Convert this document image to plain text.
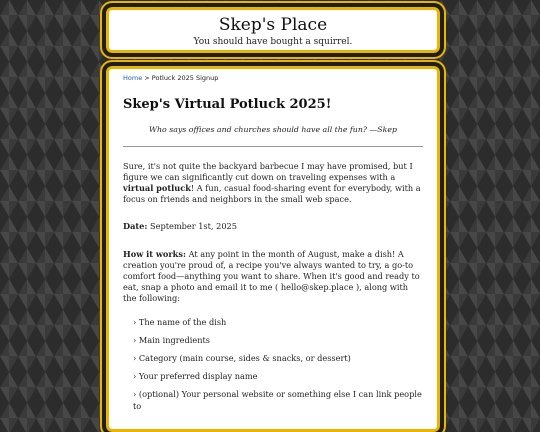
Skep's Place
You should have bought a squirrel.
Home > Potluck 2025 Signup
Skep's Virtual Potluck 2025!
Who says offices and churches should have all the fun? —Skep

Sure, it's not quite the backyard barbecue I may have promised, but I figure we can significantly cut down on traveling expenses with a virtual potluck! A fun, casual food-sharing event for everybody, with a focus on friends and neighbors in the small web space.

Date: September 1st, 2025

How it works: At any point in the month of August, make a dish! A creation you're proud of, a recipe you've always wanted to try, a go-to comfort food—anything you want to share. When it's good and ready to eat, snap a photo and email it to me ( hello@skep.place ), along with the following:

› The name of the dish
› Main ingredients
› Category (main course, sides & snacks, or dessert)
› Your preferred display name
› (optional) Your personal website or something else I can link people to
